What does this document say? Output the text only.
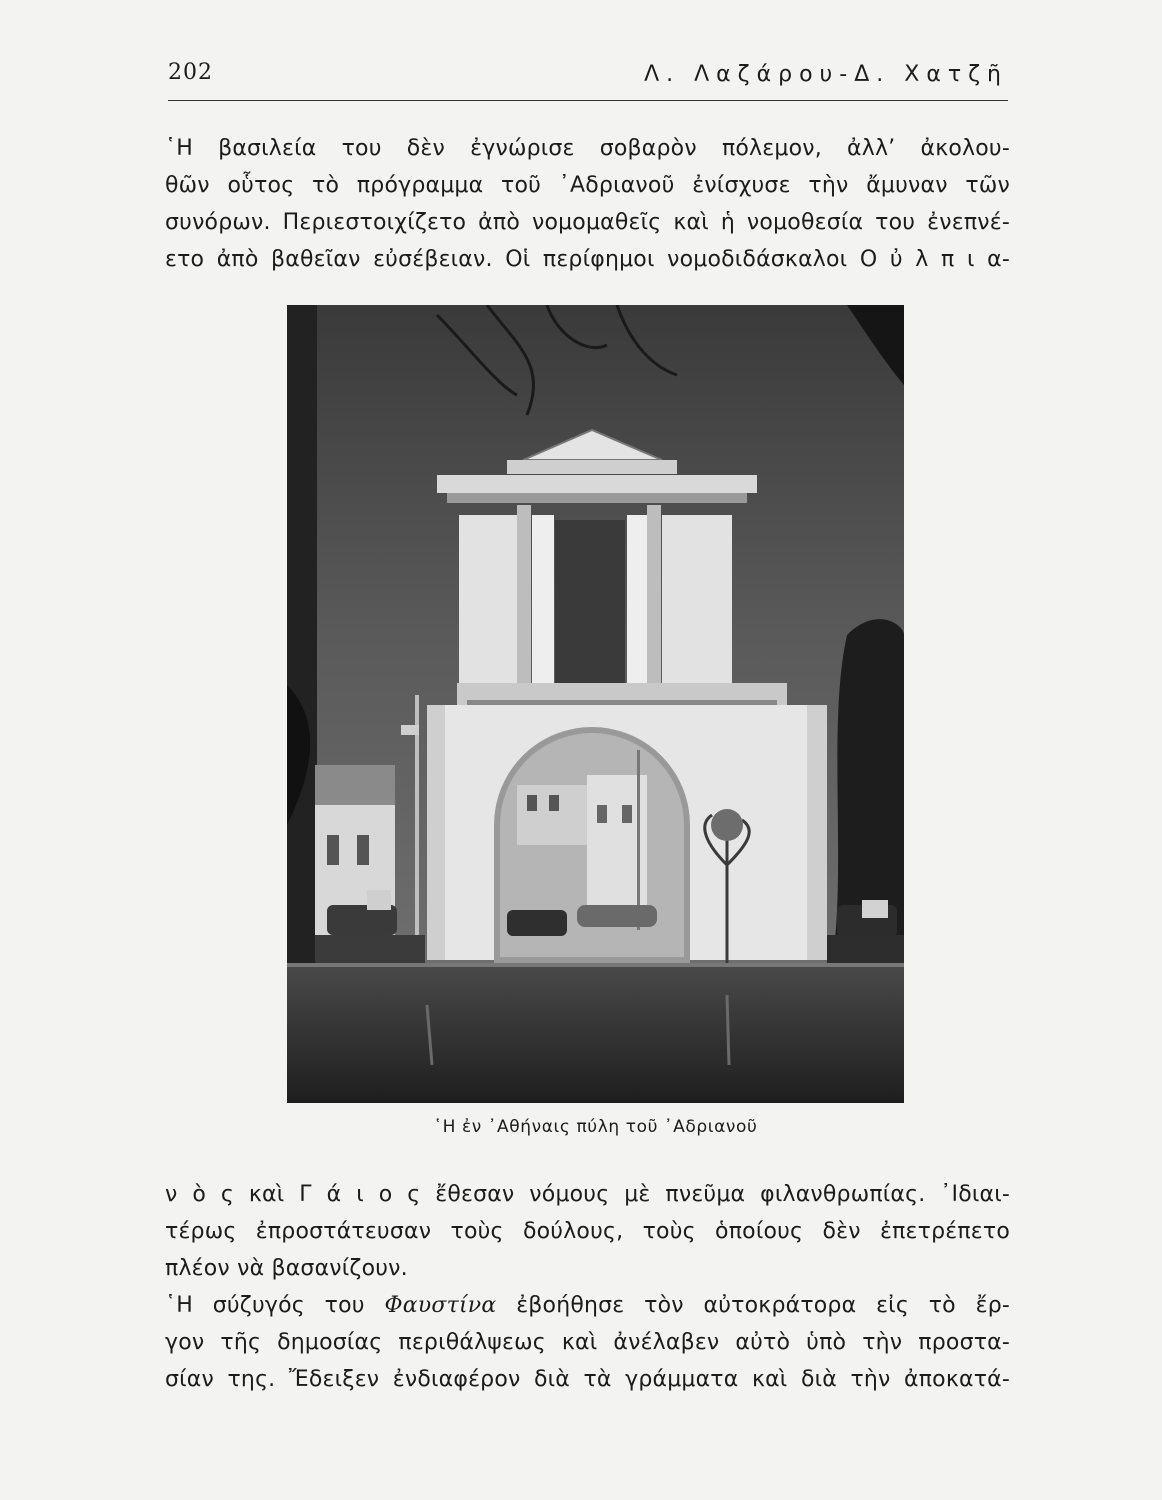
202	Λ. Λαζάρου-Δ. Χατζῆ
῾Η βασιλεία του δὲν ἐγνώρισε σοβαρὸν πόλεμον, ἀλλ’ ἀκολου-
θῶν οὗτος τὸ πρόγραμμα τοῦ ᾿Αδριανοῦ ἐνίσχυσε τὴν ἄμυναν τῶν
συνόρων. Περιεστοιχίζετο ἀπὸ νομομαθεῖς καὶ ἡ νομοθεσία του ἐνεπνέ-
ετο ἀπὸ βαθεῖαν εὐσέβειαν. Οἱ περίφημοι νομοδιδάσκαλοι Ο ὐ λ π ι α-
῾Η ἐν ᾿Αθήναις πύλη τοῦ ᾿Αδριανοῦ
ν ὸ ς καὶ Γ ά ι ο ς ἔθεσαν νόμους μὲ πνεῦμα φιλανθρωπίας. ᾿Ιδιαι-
τέρως ἐπροστάτευσαν τοὺς δούλους, τοὺς ὁποίους δὲν ἐπετρέπετο
πλέον νὰ βασανίζουν.
῾Η σύζυγός του Φαυστίνα ἐβοήθησε τὸν αὐτοκράτορα εἰς τὸ ἔρ-
γον τῆς δημοσίας περιθάλψεως καὶ ἀνέλαβεν αὐτὸ ὑπὸ τὴν προστα-
σίαν της. Ἔδειξεν ἐνδιαφέρον διὰ τὰ γράμματα καὶ διὰ τὴν ἀποκατά-
